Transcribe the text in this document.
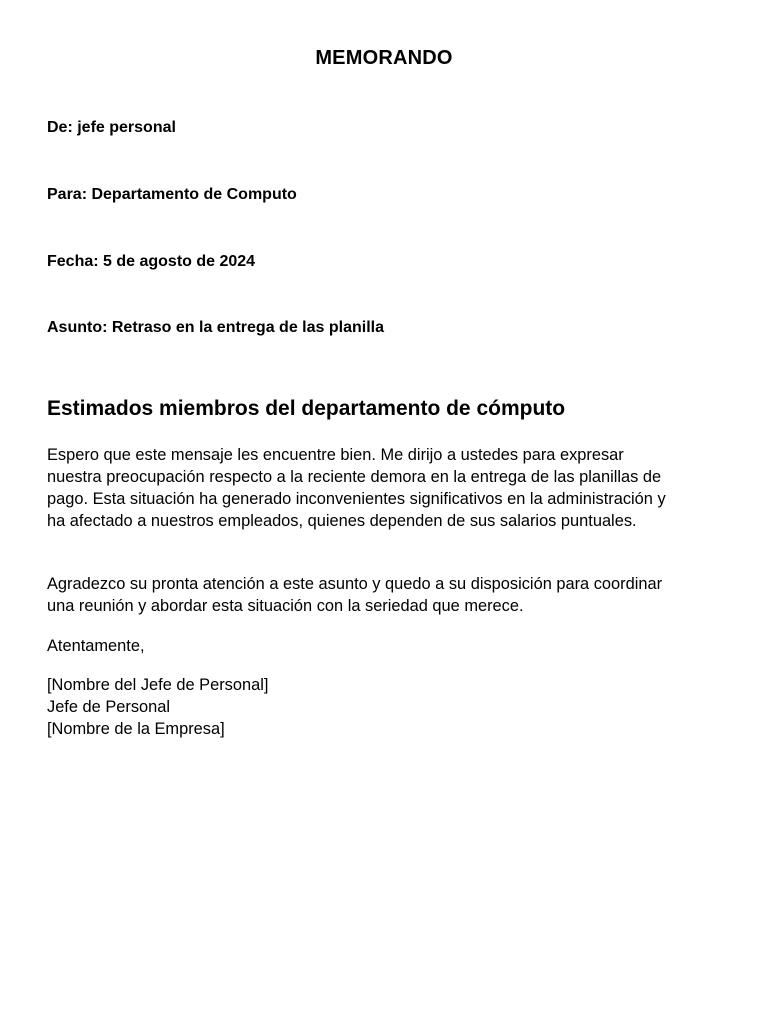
MEMORANDO
De: jefe personal
Para: Departamento de Computo
Fecha: 5 de agosto de 2024
Asunto: Retraso en la entrega de las planilla
Estimados miembros del departamento de cómputo
Espero que este mensaje les encuentre bien. Me dirijo a ustedes para expresar
nuestra preocupación respecto a la reciente demora en la entrega de las planillas de
pago. Esta situación ha generado inconvenientes significativos en la administración y
ha afectado a nuestros empleados, quienes dependen de sus salarios puntuales.
Agradezco su pronta atención a este asunto y quedo a su disposición para coordinar
una reunión y abordar esta situación con la seriedad que merece.
Atentamente,
[Nombre del Jefe de Personal]
Jefe de Personal
[Nombre de la Empresa]
